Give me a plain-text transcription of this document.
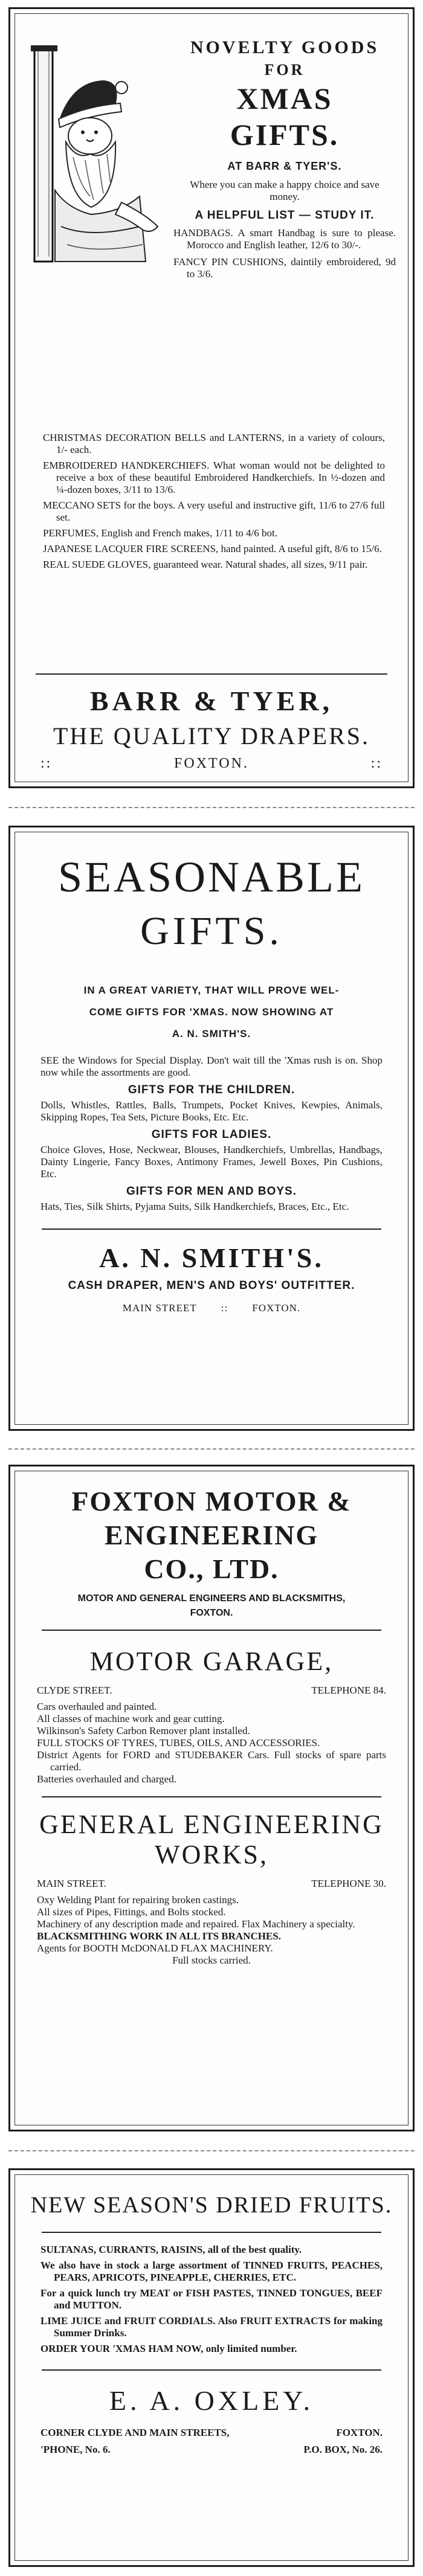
NOVELTY GOODS

FOR

XMAS

GIFTS.

AT BARR & TYER'S.

Where you can make a happy choice and save money.

A HELPFUL LIST — STUDY IT.

HANDBAGS. A smart Handbag is sure to please. Morocco and English leather, 12/6 to 30/-.

FANCY PIN CUSHIONS, daintily embroidered, 9d to 3/6.

CHRISTMAS DECORATION BELLS and LANTERNS, in a variety of colours, 1/- each.

EMBROIDERED HANDKERCHIEFS. What woman would not be delighted to receive a box of these beautiful Embroidered Handkerchiefs. In ½-dozen and ¼-dozen boxes, 3/11 to 13/6.

MECCANO SETS for the boys. A very useful and instructive gift, 11/6 to 27/6 full set.

PERFUMES, English and French makes, 1/11 to 4/6 bot.

JAPANESE LACQUER FIRE SCREENS, hand painted. A useful gift, 8/6 to 15/6.

REAL SUEDE GLOVES, guaranteed wear. Natural shades, all sizes, 9/11 pair.

BARR & TYER,

THE QUALITY DRAPERS.

::	FOXTON.	::

SEASONABLE

GIFTS.

IN A GREAT VARIETY, THAT WILL PROVE WEL-

COME GIFTS FOR 'XMAS. NOW SHOWING AT

A. N. SMITH'S.

SEE the Windows for Special Display. Don't wait till the 'Xmas rush is on. Shop now while the assortments are good.

GIFTS FOR THE CHILDREN.

Dolls, Whistles, Rattles, Balls, Trumpets, Pocket Knives, Kewpies, Animals, Skipping Ropes, Tea Sets, Picture Books, Etc. Etc.

GIFTS FOR LADIES.

Choice Gloves, Hose, Neckwear, Blouses, Handkerchiefs, Umbrellas, Handbags, Dainty Lingerie, Fancy Boxes, Antimony Frames, Jewell Boxes, Pin Cushions, Etc.

GIFTS FOR MEN AND BOYS.

Hats, Ties, Silk Shirts, Pyjama Suits, Silk Handkerchiefs, Braces, Etc., Etc.

A. N. SMITH'S.

CASH DRAPER, MEN'S AND BOYS' OUTFITTER.

MAIN STREET :: FOXTON.

FOXTON MOTOR &

ENGINEERING

CO., LTD.

MOTOR AND GENERAL ENGINEERS AND BLACKSMITHS,

FOXTON.

MOTOR GARAGE,

CLYDE STREET.	TELEPHONE 84.

Cars overhauled and painted.

All classes of machine work and gear cutting.

Wilkinson's Safety Carbon Remover plant installed.

FULL STOCKS OF TYRES, TUBES, OILS, AND ACCESSORIES.

District Agents for FORD and STUDEBAKER Cars. Full stocks of spare parts carried.

Batteries overhauled and charged.

GENERAL ENGINEERING

WORKS,

MAIN STREET.	TELEPHONE 30.

Oxy Welding Plant for repairing broken castings.

All sizes of Pipes, Fittings, and Bolts stocked.

Machinery of any description made and repaired. Flax Machinery a specialty.

BLACKSMITHING WORK IN ALL ITS BRANCHES.

Agents for BOOTH McDONALD FLAX MACHINERY.

Full stocks carried.

NEW SEASON'S DRIED FRUITS.

SULTANAS, CURRANTS, RAISINS, all of the best quality.

We also have in stock a large assortment of TINNED FRUITS, PEACHES, PEARS, APRICOTS, PINEAPPLE, CHERRIES, ETC.

For a quick lunch try MEAT or FISH PASTES, TINNED TONGUES, BEEF and MUTTON.

LIME JUICE and FRUIT CORDIALS. Also FRUIT EXTRACTS for making Summer Drinks.

ORDER YOUR 'XMAS HAM NOW, only limited number.

E. A. OXLEY.

CORNER CLYDE AND MAIN STREETS,	FOXTON.
'PHONE, No. 6.	P.O. BOX, No. 26.
